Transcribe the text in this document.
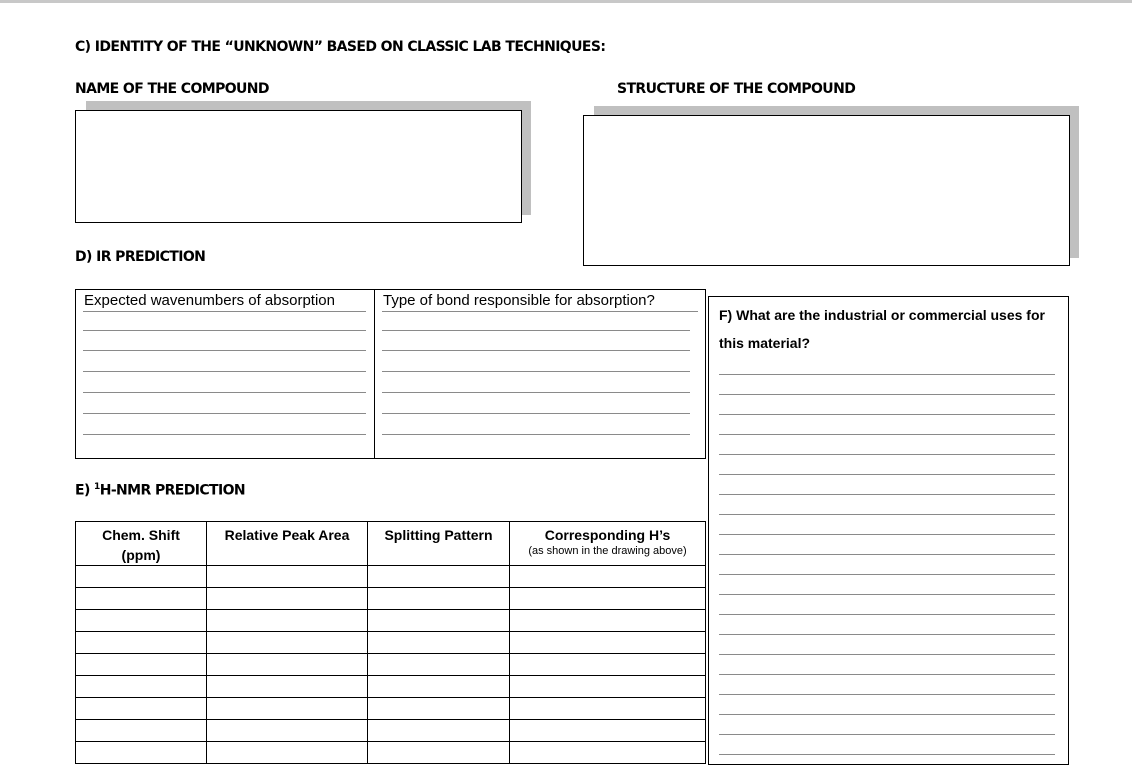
C) IDENTITY OF THE “UNKNOWN” BASED ON CLASSIC LAB TECHNIQUES:
NAME OF THE COMPOUND	STRUCTURE OF THE COMPOUND
D) IR PREDICTION
Expected wavenumbers of absorption	Type of bond responsible for absorption?
E) $^1$H-NMR PREDICTION
Chem. Shift
(ppm)	Relative Peak Area	Splitting Pattern	Corresponding H’s
(as shown in the drawing above)

F) What are the industrial or commercial uses for this material?
